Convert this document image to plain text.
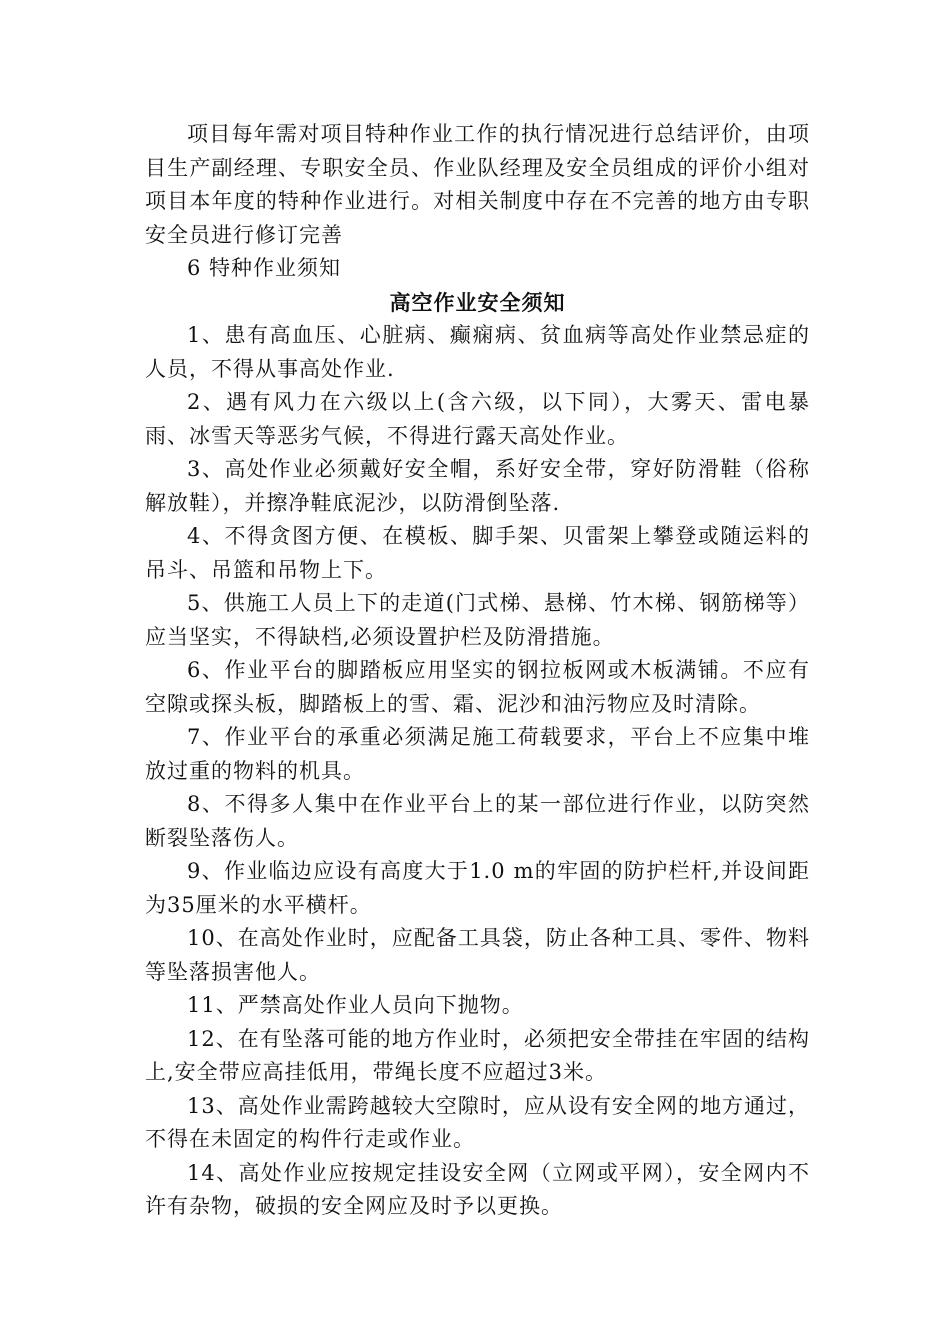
项目每年需对项目特种作业工作的执行情况进行总结评价，由项目生产副经理、专职安全员、作业队经理及安全员组成的评价小组对项目本年度的特种作业进行。对相关制度中存在不完善的地方由专职安全员进行修订完善

6 特种作业须知

高空作业安全须知

1、患有高血压、心脏病、癫痫病、贫血病等高处作业禁忌症的人员，不得从事高处作业.

2、遇有风力在六级以上(含六级，以下同），大雾天、雷电暴雨、冰雪天等恶劣气候，不得进行露天高处作业。

3、高处作业必须戴好安全帽，系好安全带，穿好防滑鞋（俗称解放鞋），并擦净鞋底泥沙，以防滑倒坠落.

4、不得贪图方便、在模板、脚手架、贝雷架上攀登或随运料的吊斗、吊篮和吊物上下。

5、供施工人员上下的走道(门式梯、悬梯、竹木梯、钢筋梯等）应当坚实，不得缺档,必须设置护栏及防滑措施。

6、作业平台的脚踏板应用坚实的钢拉板网或木板满铺。不应有空隙或探头板，脚踏板上的雪、霜、泥沙和油污物应及时清除。

7、作业平台的承重必须满足施工荷载要求，平台上不应集中堆放过重的物料的机具。

8、不得多人集中在作业平台上的某一部位进行作业，以防突然断裂坠落伤人。

9、作业临边应设有高度大于1.0 m的牢固的防护栏杆,并设间距为35厘米的水平横杆。

10、在高处作业时，应配备工具袋，防止各种工具、零件、物料等坠落损害他人。

11、严禁高处作业人员向下抛物。

12、在有坠落可能的地方作业时，必须把安全带挂在牢固的结构上,安全带应高挂低用，带绳长度不应超过3米。

13、高处作业需跨越较大空隙时，应从设有安全网的地方通过，不得在未固定的构件行走或作业。

14、高处作业应按规定挂设安全网（立网或平网），安全网内不许有杂物，破损的安全网应及时予以更换。
